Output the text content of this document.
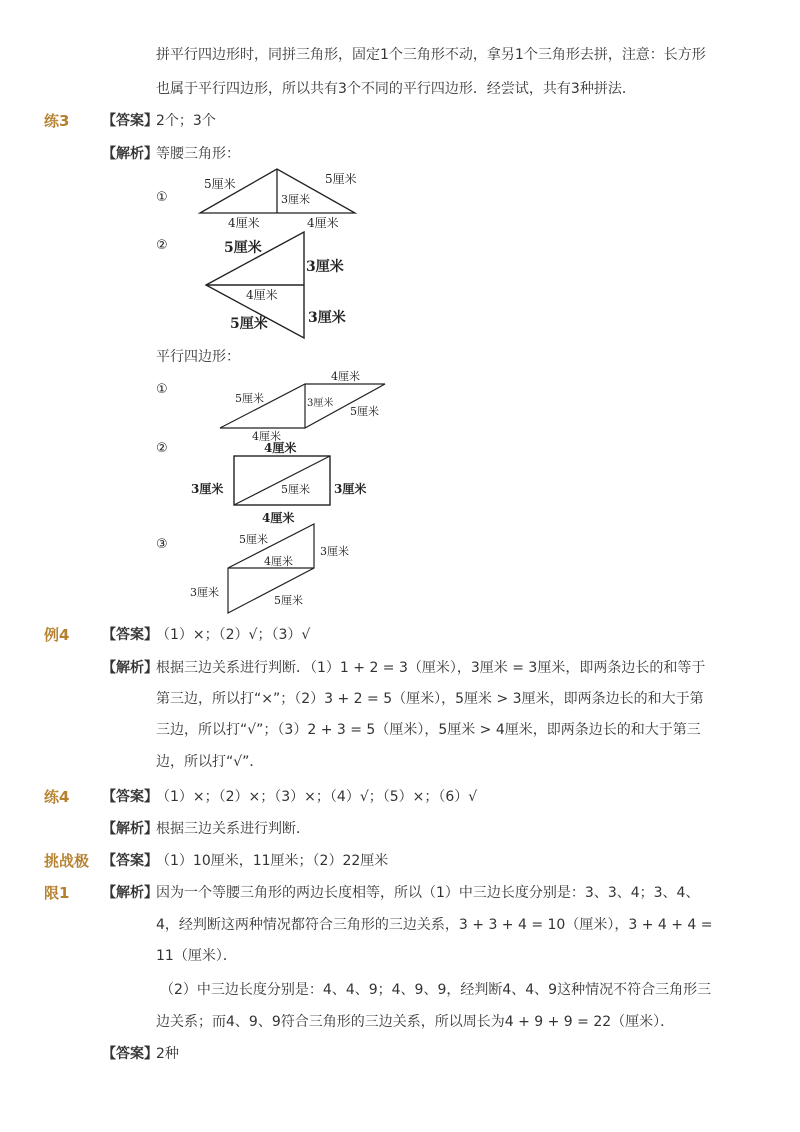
拼平行四边形时，同拼三角形，固定1个三角形不动，拿另1个三角形去拼，注意：长方形
也属于平行四边形，所以共有3个不同的平行四边形．经尝试，共有3种拼法．
练3 【答案】
2个；3个
【解析】
等腰三角形：
①
②
5厘米	5厘米
3厘米
4厘米	4厘米
5厘米
3厘米
4厘米
5厘米	3厘米
平行四边形：
①
②
③
4厘米
5厘米	3厘米
5厘米
4厘米
4厘米
3厘米	5厘米 3厘米
4厘米
5厘米
3厘米
4厘米
3厘米
5厘米
例4 【答案】
（1）×；（2）√；（3）√
【解析】
根据三边关系进行判断．（1）1 + 2 = 3（厘米），3厘米 = 3厘米，即两条边长的和等于
第三边，所以打“×”；（2）3 + 2 = 5（厘米），5厘米 > 3厘米，即两条边长的和大于第
三边，所以打“√”；（3）2 + 3 = 5（厘米），5厘米 > 4厘米，即两条边长的和大于第三
边，所以打“√”．
练4 【答案】
（1）×；（2）×；（3）×；（4）√；（5）×；（6）√
【解析】
根据三边关系进行判断．
挑战极 【答案】
（1）10厘米，11厘米；（2）22厘米
限1 【解析】
因为一个等腰三角形的两边长度相等，所以（1）中三边长度分别是：3、3、4；3、4、
4，经判断这两种情况都符合三角形的三边关系，3 + 3 + 4 = 10（厘米），3 + 4 + 4 =
11（厘米）．
（2）中三边长度分别是：4、4、9；4、9、9，经判断4、4、9这种情况不符合三角形三
边关系；而4、9、9符合三角形的三边关系，所以周长为4 + 9 + 9 = 22（厘米）．
【答案】
2种
